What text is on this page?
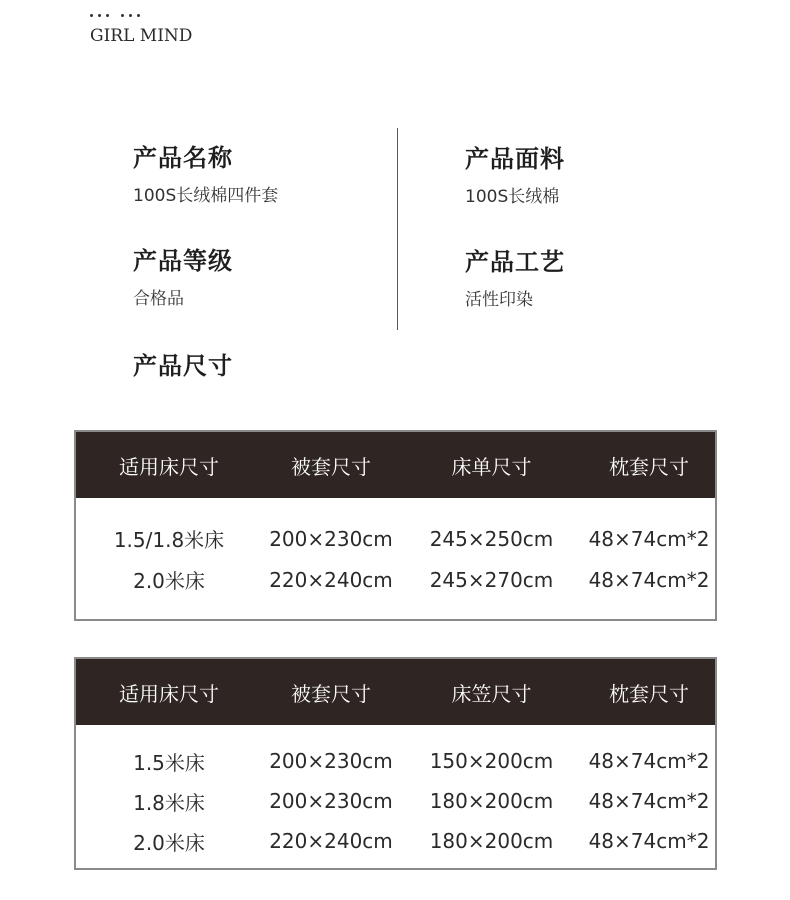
GIRL MIND
产品名称
100S长绒棉四件套
产品面料
100S长绒棉
产品等级
合格品
产品工艺
活性印染
产品尺寸
适用床尺寸	被套尺寸	床单尺寸	枕套尺寸
1.5/1.8米床	200×230cm	245×250cm	48×74cm*2
2.0米床	220×240cm	245×270cm	48×74cm*2
适用床尺寸	被套尺寸	床笠尺寸	枕套尺寸
1.5米床	200×230cm	150×200cm	48×74cm*2
1.8米床	200×230cm	180×200cm	48×74cm*2
2.0米床	220×240cm	180×200cm	48×74cm*2
